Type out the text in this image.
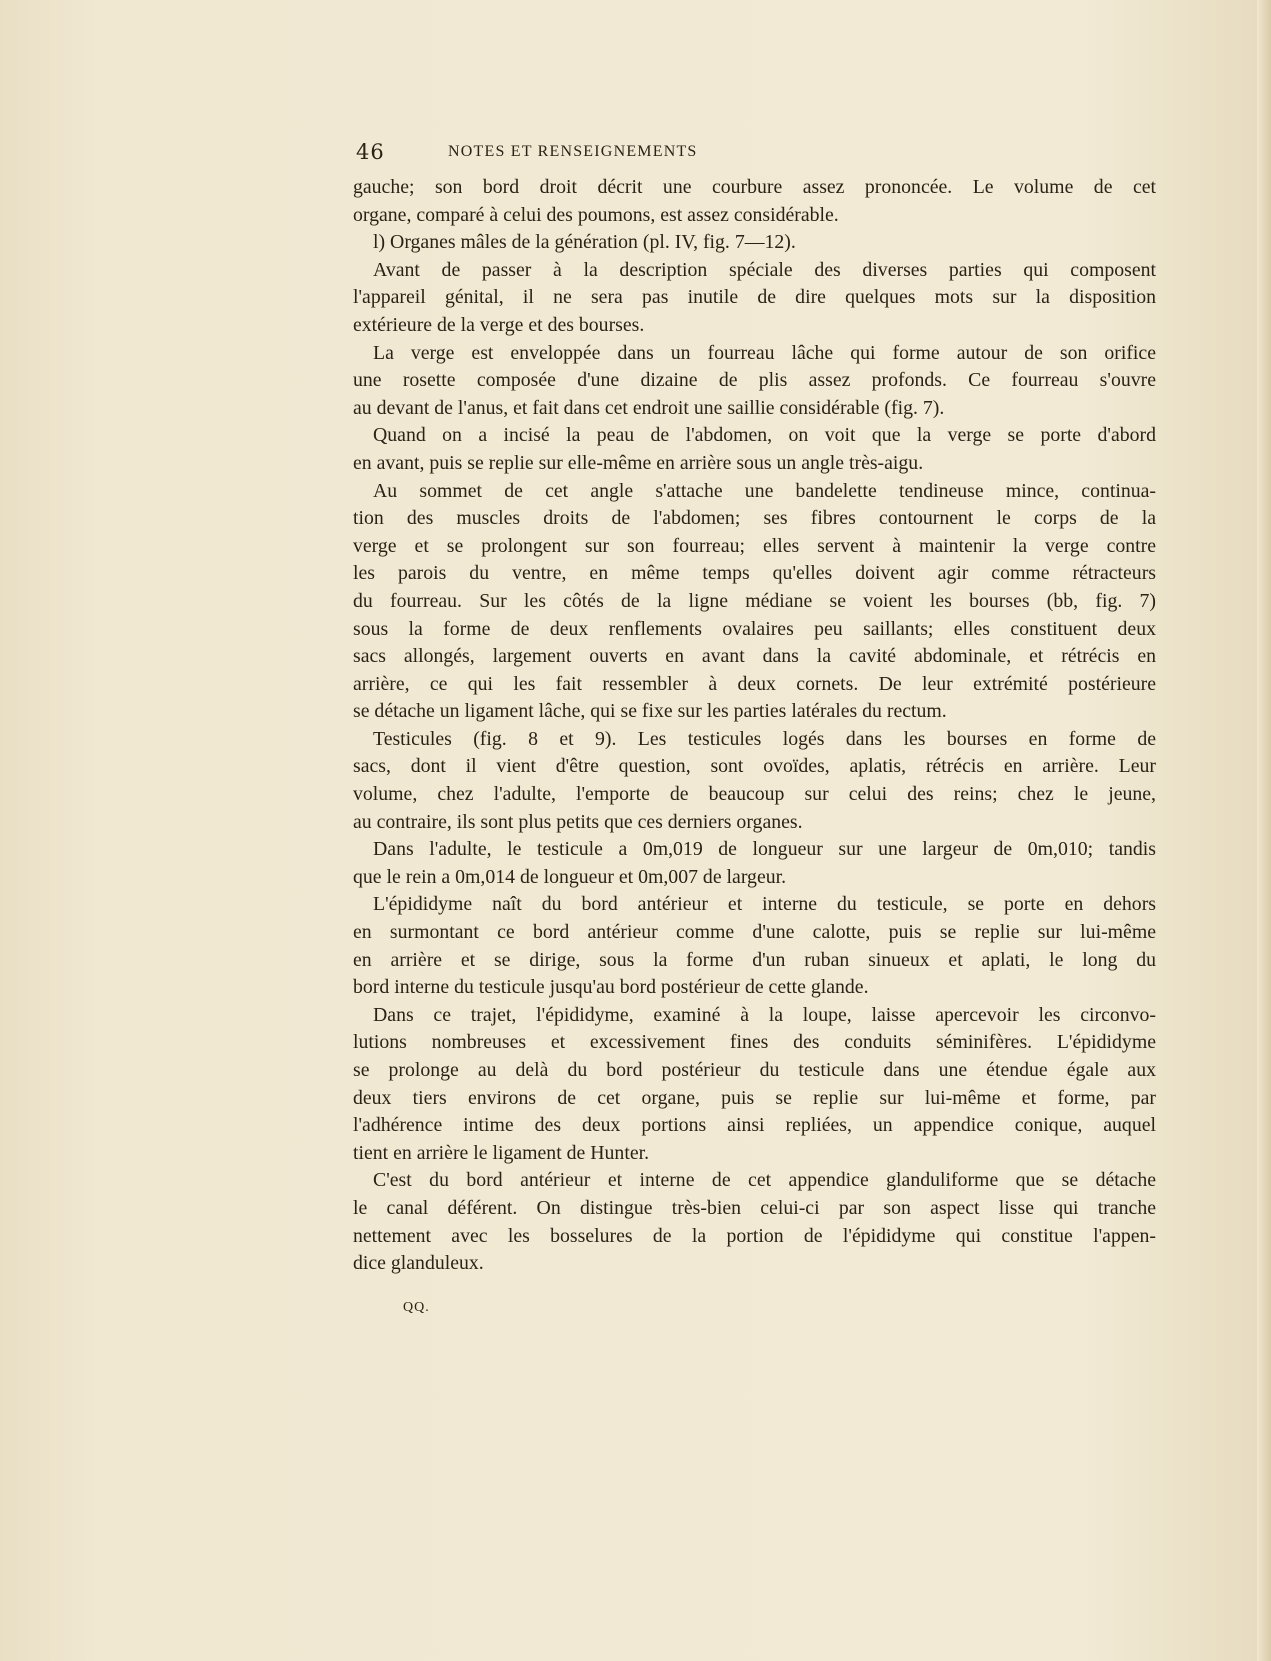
46	NOTES ET RENSEIGNEMENTS
gauche; son bord droit décrit une courbure assez prononcée. Le volume de cet
organe, comparé à celui des poumons, est assez considérable.
l) Organes mâles de la génération (pl. IV, fig. 7—12).
Avant de passer à la description spéciale des diverses parties qui composent
l'appareil génital, il ne sera pas inutile de dire quelques mots sur la disposition
extérieure de la verge et des bourses.
La verge est enveloppée dans un fourreau lâche qui forme autour de son orifice
une rosette composée d'une dizaine de plis assez profonds. Ce fourreau s'ouvre
au devant de l'anus, et fait dans cet endroit une saillie considérable (fig. 7).
Quand on a incisé la peau de l'abdomen, on voit que la verge se porte d'abord
en avant, puis se replie sur elle-même en arrière sous un angle très-aigu.
Au sommet de cet angle s'attache une bandelette tendineuse mince, continua-
tion des muscles droits de l'abdomen; ses fibres contournent le corps de la
verge et se prolongent sur son fourreau; elles servent à maintenir la verge contre
les parois du ventre, en même temps qu'elles doivent agir comme rétracteurs
du fourreau. Sur les côtés de la ligne médiane se voient les bourses (bb, fig. 7)
sous la forme de deux renflements ovalaires peu saillants; elles constituent deux
sacs allongés, largement ouverts en avant dans la cavité abdominale, et rétrécis en
arrière, ce qui les fait ressembler à deux cornets. De leur extrémité postérieure
se détache un ligament lâche, qui se fixe sur les parties latérales du rectum.
Testicules (fig. 8 et 9). Les testicules logés dans les bourses en forme de
sacs, dont il vient d'être question, sont ovoïdes, aplatis, rétrécis en arrière. Leur
volume, chez l'adulte, l'emporte de beaucoup sur celui des reins; chez le jeune,
au contraire, ils sont plus petits que ces derniers organes.
Dans l'adulte, le testicule a 0m,019 de longueur sur une largeur de 0m,010; tandis
que le rein a 0m,014 de longueur et 0m,007 de largeur.
L'épididyme naît du bord antérieur et interne du testicule, se porte en dehors
en surmontant ce bord antérieur comme d'une calotte, puis se replie sur lui-même
en arrière et se dirige, sous la forme d'un ruban sinueux et aplati, le long du
bord interne du testicule jusqu'au bord postérieur de cette glande.
Dans ce trajet, l'épididyme, examiné à la loupe, laisse apercevoir les circonvo-
lutions nombreuses et excessivement fines des conduits séminifères. L'épididyme
se prolonge au delà du bord postérieur du testicule dans une étendue égale aux
deux tiers environs de cet organe, puis se replie sur lui-même et forme, par
l'adhérence intime des deux portions ainsi repliées, un appendice conique, auquel
tient en arrière le ligament de Hunter.
C'est du bord antérieur et interne de cet appendice glanduliforme que se détache
le canal déférent. On distingue très-bien celui-ci par son aspect lisse qui tranche
nettement avec les bosselures de la portion de l'épididyme qui constitue l'appen-
dice glanduleux.
QQ.
